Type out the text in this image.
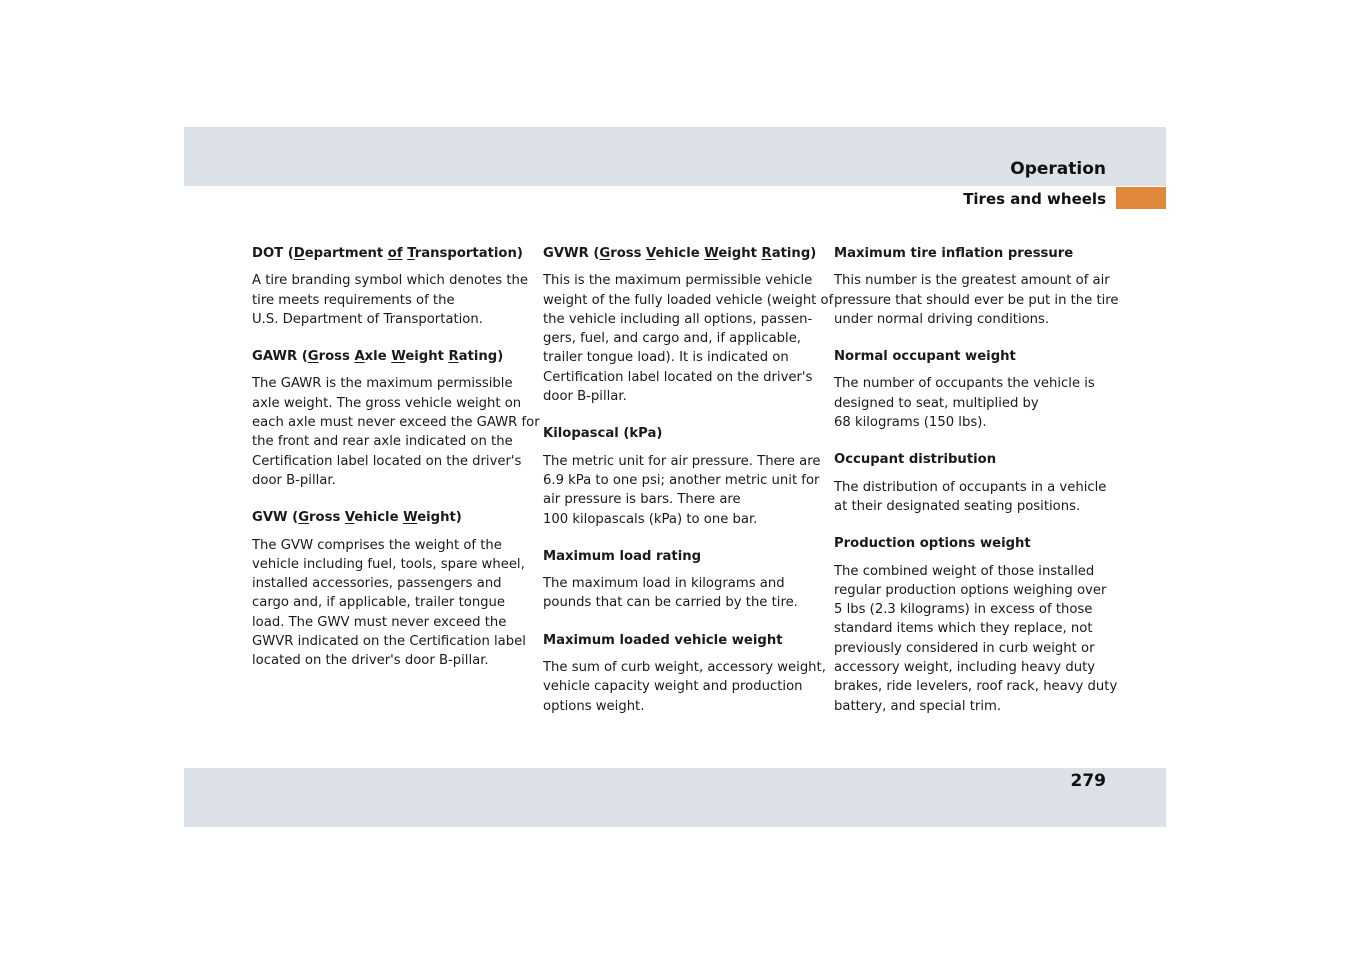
Operation
Tires and wheels
DOT (Department of Transportation)
A tire branding symbol which denotes the
tire meets requirements of the
U.S. Department of Transportation.
GAWR (Gross Axle Weight Rating)
The GAWR is the maximum permissible
axle weight. The gross vehicle weight on
each axle must never exceed the GAWR for
the front and rear axle indicated on the
Certification label located on the driver's
door B-pillar.
GVW (Gross Vehicle Weight)
The GVW comprises the weight of the
vehicle including fuel, tools, spare wheel,
installed accessories, passengers and
cargo and, if applicable, trailer tongue
load. The GWV must never exceed the
GWVR indicated on the Certification label
located on the driver's door B-pillar.
GVWR (Gross Vehicle Weight Rating)
This is the maximum permissible vehicle
weight of the fully loaded vehicle (weight of
the vehicle including all options, passen-
gers, fuel, and cargo and, if applicable,
trailer tongue load). It is indicated on
Certification label located on the driver's
door B-pillar.
Kilopascal (kPa)
The metric unit for air pressure. There are
6.9 kPa to one psi; another metric unit for
air pressure is bars. There are
100 kilopascals (kPa) to one bar.
Maximum load rating
The maximum load in kilograms and
pounds that can be carried by the tire.
Maximum loaded vehicle weight
The sum of curb weight, accessory weight,
vehicle capacity weight and production
options weight.
Maximum tire inflation pressure
This number is the greatest amount of air
pressure that should ever be put in the tire
under normal driving conditions.
Normal occupant weight
The number of occupants the vehicle is
designed to seat, multiplied by
68 kilograms (150 lbs).
Occupant distribution
The distribution of occupants in a vehicle
at their designated seating positions.
Production options weight
The combined weight of those installed
regular production options weighing over
5 lbs (2.3 kilograms) in excess of those
standard items which they replace, not
previously considered in curb weight or
accessory weight, including heavy duty
brakes, ride levelers, roof rack, heavy duty
battery, and special trim.
279
